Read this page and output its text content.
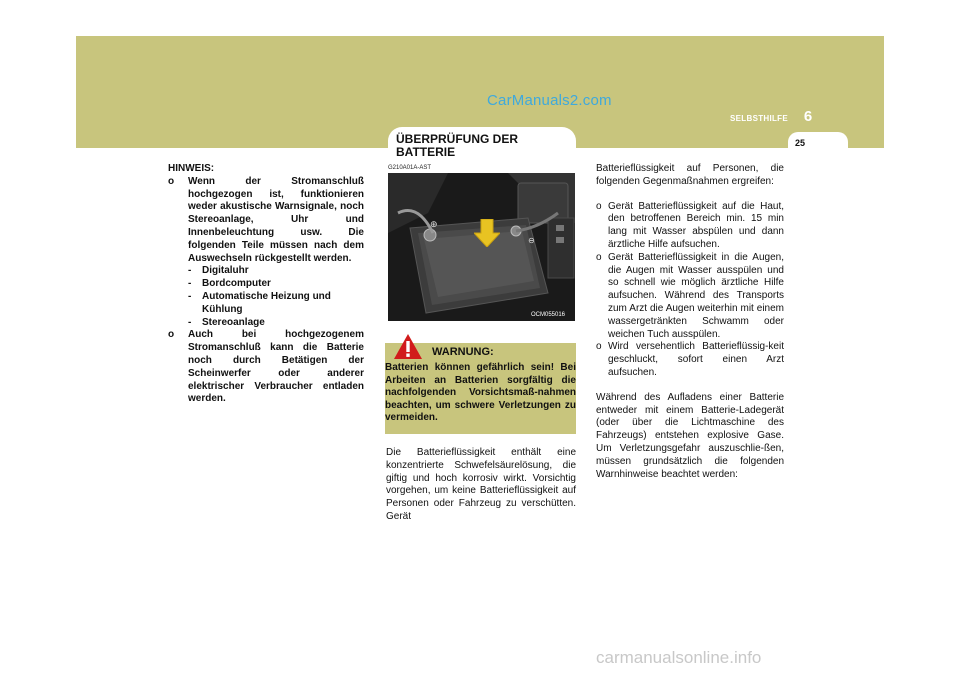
CarManuals2.com
6
SELBSTHILFE
25
ÜBERPRÜFUNG DER BATTERIE
HINWEIS:
o	Wenn der Stromanschluß hochgezogen ist, funktionieren weder akustische Warnsignale, noch Stereoanlage, Uhr und Innenbeleuchtung usw. Die folgenden Teile müssen nach dem Auswechseln rückgestellt werden.
-	Digitaluhr
-	Bordcomputer
-	Automatische Heizung und Kühlung
-	Stereoanlage
o	Auch bei hochgezogenem Stromanschluß kann die Batterie noch durch Betätigen der Scheinwerfer oder anderer elektrischer Verbraucher entladen werden.
G210A01A-AST
⊕
⊖
OCM055016
WARNUNG:
Batterien können gefährlich sein! Bei Arbeiten an Batterien sorgfältig die nachfolgenden Vorsichtsmaß-nahmen beachten, um schwere Verletzungen zu vermeiden.
Die Batterieflüssigkeit enthält eine konzentrierte Schwefelsäurelösung, die giftig und hoch korrosiv wirkt. Vorsichtig vorgehen, um keine Batterieflüssigkeit auf Personen oder Fahrzeug zu verschütten. Gerät

Batterieflüssigkeit auf Personen, die folgenden Gegenmaßnahmen ergreifen:

o Gerät Batterieflüssigkeit auf die Haut, den betroffenen Bereich min. 15 min lang mit Wasser abspülen und dann ärztliche Hilfe aufsuchen.
o Gerät Batterieflüssigkeit in die Augen, die Augen mit Wasser ausspülen und so schnell wie möglich ärztliche Hilfe aufsuchen. Während des Transports zum Arzt die Augen weiterhin mit einem wassergetränkten Schwamm oder weichen Tuch ausspülen.
o Wird versehentlich Batterieflüssig-keit geschluckt, sofort einen Arzt aufsuchen.

Während des Aufladens einer Batterie entweder mit einem Batterie-Ladegerät (oder über die Lichtmaschine des Fahrzeugs) entstehen explosive Gase. Um Verletzungsgefahr auszuschlie-ßen, müssen grundsätzlich die folgenden Warnhinweise beachtet werden:

carmanualsonline.info
